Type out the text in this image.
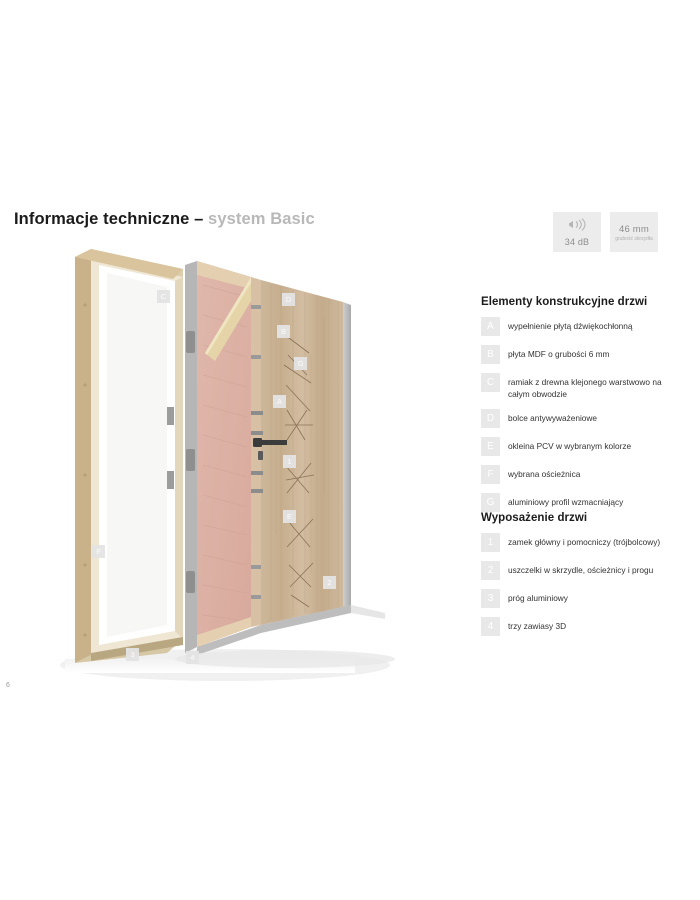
Informacje techniczne – system Basic
34 dB
46 mm
grubość skrzydła
Elementy konstrukcyjne drzwi
A	wypełnienie płytą dźwiękochłonną
B	płyta MDF o grubości 6 mm
C	ramiak z drewna klejonego warstwowo na całym obwodzie
D	bolce antywyważeniowe
E	okleina PCV w wybranym kolorze
F	wybrana ościeżnica
G	aluminiowy profil wzmacniający
Wyposażenie drzwi
1	zamek główny i pomocniczy (trójbolcowy)
2	uszczelki w skrzydle, ościeżnicy i progu
3	próg aluminiowy
4	trzy zawiasy 3D
6
C	D
B
G
A
1
E
F
2
3	4
